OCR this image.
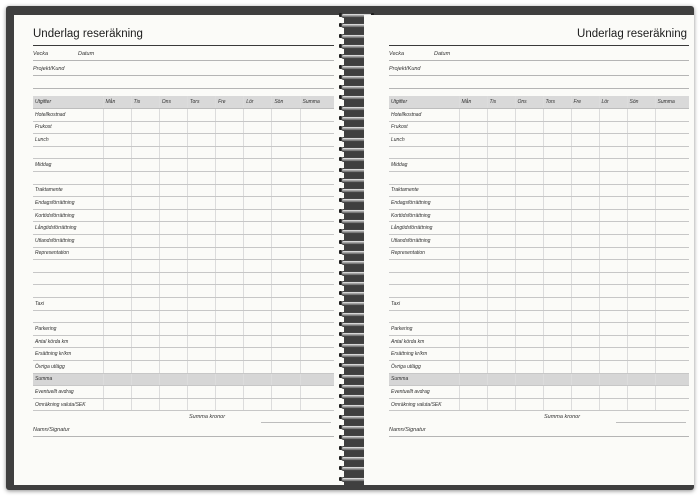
Underlag reseräkning
Vecka	Datum
Projekt/Kund
Utgifter	Mån	Tis	Ons	Tors	Fre	Lör	Sön	Summa
Hotellkostnad								
Frukost								
Lunch								

Middag								

Traktamente								
Endagsförrättning								
Korttidsförrättning								
Långtidsförrättning								
Utlandsförrättning								
Representation								

Taxi								

Parkering								
Antal körda km								
Ersättning kr/km								
Övriga utlägg								
Summa								
Eventuellt avdrag								
Omräkning valuta/SEK								
Summa kronor
Namn/Signatur
Underlag reseräkning
Vecka	Datum
Projekt/Kund
Utgifter	Mån	Tis	Ons	Tors	Fre	Lör	Sön	Summa
Hotellkostnad								
Frukost								
Lunch								

Middag								

Traktamente								
Endagsförrättning								
Korttidsförrättning								
Långtidsförrättning								
Utlandsförrättning								
Representation								

Taxi								

Parkering								
Antal körda km								
Ersättning kr/km								
Övriga utlägg								
Summa								
Eventuellt avdrag								
Omräkning valuta/SEK								
Summa kronor
Namn/Signatur
